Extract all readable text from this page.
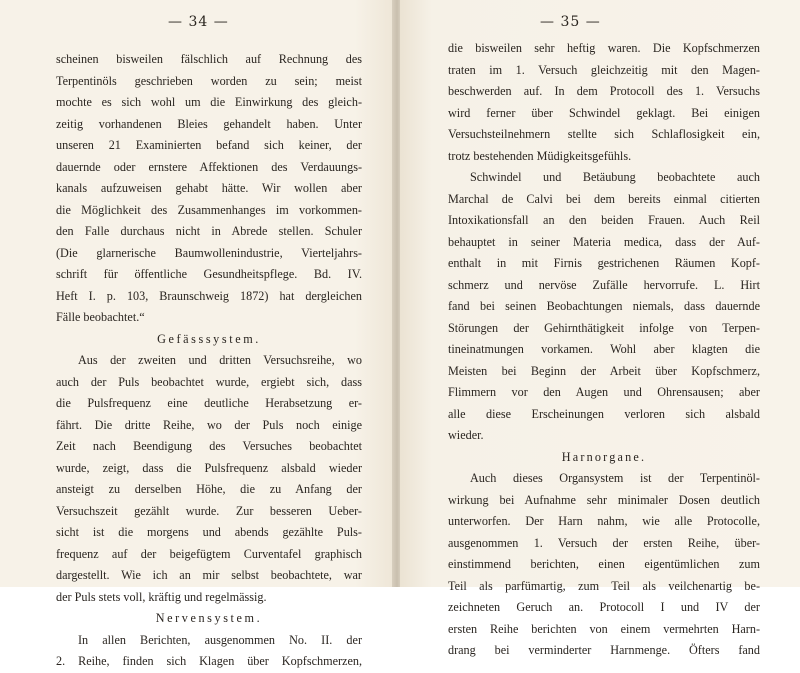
— 34 —
scheinen bisweilen fälschlich auf Rechnung des
Terpentinöls geschrieben worden zu sein; meist
mochte es sich wohl um die Einwirkung des gleich-
zeitig vorhandenen Bleies gehandelt haben. Unter
unseren 21 Examinierten befand sich keiner, der
dauernde oder ernstere Affektionen des Verdauungs-
kanals aufzuweisen gehabt hätte. Wir wollen aber
die Möglichkeit des Zusammenhanges im vorkommen-
den Falle durchaus nicht in Abrede stellen. Schuler
(Die glarnerische Baumwollenindustrie, Vierteljahrs-
schrift für öffentliche Gesundheitspflege. Bd. IV.
Heft I. p. 103, Braunschweig 1872) hat dergleichen
Fälle beobachtet.“
Gefässsystem.
Aus der zweiten und dritten Versuchsreihe, wo
auch der Puls beobachtet wurde, ergiebt sich, dass
die Pulsfrequenz eine deutliche Herabsetzung er-
fährt. Die dritte Reihe, wo der Puls noch einige
Zeit nach Beendigung des Versuches beobachtet
wurde, zeigt, dass die Pulsfrequenz alsbald wieder
ansteigt zu derselben Höhe, die zu Anfang der
Versuchszeit gezählt wurde. Zur besseren Ueber-
sicht ist die morgens und abends gezählte Puls-
frequenz auf der beigefügtem Curventafel graphisch
dargestellt. Wie ich an mir selbst beobachtete, war
der Puls stets voll, kräftig und regelmässig.
Nervensystem.
In allen Berichten, ausgenommen No. II. der
2. Reihe, finden sich Klagen über Kopfschmerzen,
— 35 —
die bisweilen sehr heftig waren. Die Kopfschmerzen
traten im 1. Versuch gleichzeitig mit den Magen-
beschwerden auf. In dem Protocoll des 1. Versuchs
wird ferner über Schwindel geklagt. Bei einigen
Versuchsteilnehmern stellte sich Schlaflosigkeit ein,
trotz bestehenden Müdigkeitsgefühls.
Schwindel und Betäubung beobachtete auch
Marchal de Calvi bei dem bereits einmal citierten
Intoxikationsfall an den beiden Frauen. Auch Reil
behauptet in seiner Materia medica, dass der Auf-
enthalt in mit Firnis gestrichenen Räumen Kopf-
schmerz und nervöse Zufälle hervorrufe. L. Hirt
fand bei seinen Beobachtungen niemals, dass dauernde
Störungen der Gehirnthätigkeit infolge von Terpen-
tineinatmungen vorkamen. Wohl aber klagten die
Meisten bei Beginn der Arbeit über Kopfschmerz,
Flimmern vor den Augen und Ohrensausen; aber
alle diese Erscheinungen verloren sich alsbald
wieder.
Harnorgane.
Auch dieses Organsystem ist der Terpentinöl-
wirkung bei Aufnahme sehr minimaler Dosen deutlich
unterworfen. Der Harn nahm, wie alle Protocolle,
ausgenommen 1. Versuch der ersten Reihe, über-
einstimmend berichten, einen eigentümlichen zum
Teil als parfümartig, zum Teil als veilchenartig be-
zeichneten Geruch an. Protocoll I und IV der
ersten Reihe berichten von einem vermehrten Harn-
drang bei verminderter Harnmenge. Öfters fand
